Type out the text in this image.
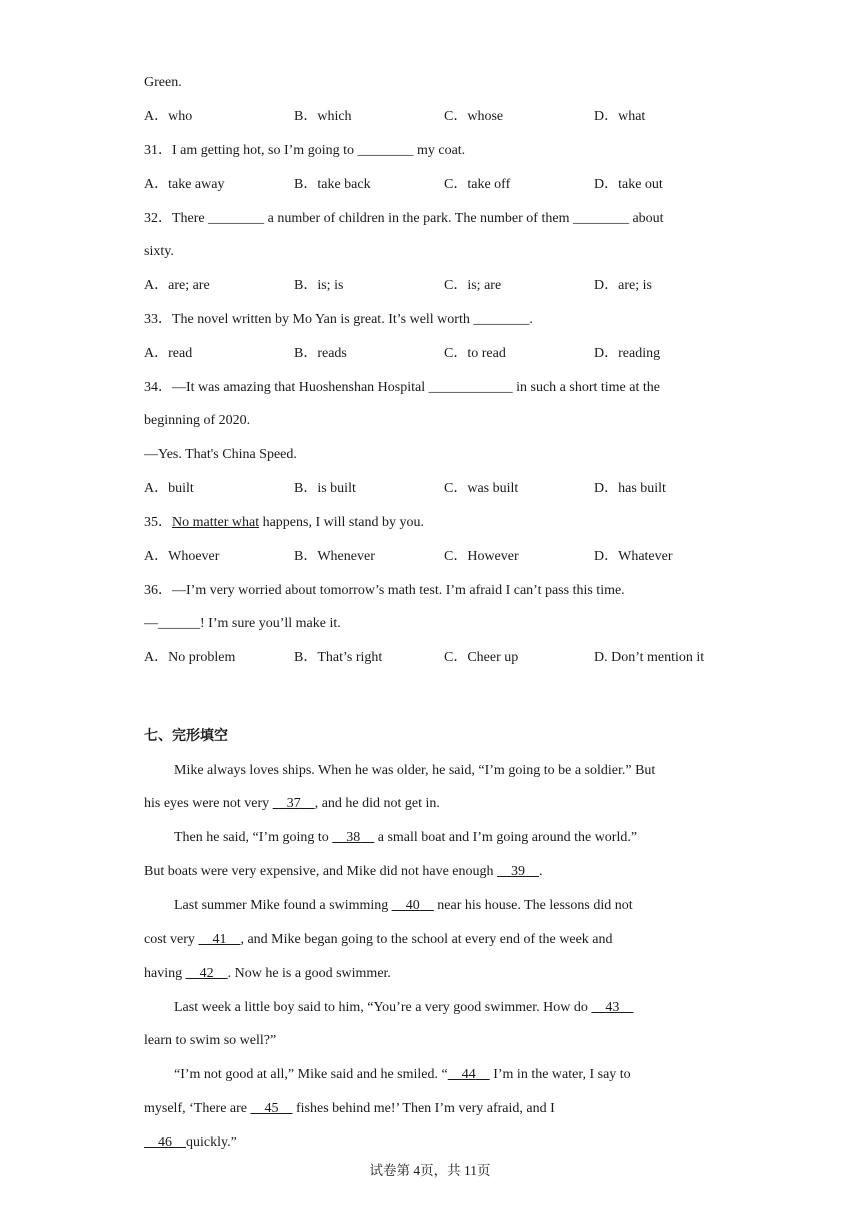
Green.
A．who	B．which	C．whose	D．what
31．I am getting hot, so I’m going to ________ my coat.
A．take away	B．take back	C．take off	D．take out
32．There ________ a number of children in the park. The number of them ________ about
sixty.
A．are; are	B．is; is	C．is; are	D．are; is
33．The novel written by Mo Yan is great. It’s well worth ________.
A．read	B．reads	C．to read	D．reading
34．—It was amazing that Huoshenshan Hospital ____________ in such a short time at the
beginning of 2020.
—Yes. That's China Speed.
A．built	B．is built	C．was built	D．has built
35．No matter what happens, I will stand by you.
A．Whoever	B．Whenever	C．However	D．Whatever
36．—I’m very worried about tomorrow’s math test. I’m afraid I can’t pass this time.
—______! I’m sure you’ll make it.
A．No problem	B．That’s right	C．Cheer up	D. Don’t mention it
七、完形填空
Mike always loves ships. When he was older, he said, “I’m going to be a soldier.” But
his eyes were not very     37 , and he did not get in.
Then he said, “I’m going to     38     a small boat and I’m going around the world.”
But boats were very expensive, and Mike did not have enough     39 .
Last summer Mike found a swimming     40     near his house. The lessons did not
cost very     41 , and Mike began going to the school at every end of the week and
having     42 . Now he is a good swimmer.
Last week a little boy said to him, “You’re a very good swimmer. How do     43
learn to swim so well?”
“I’m not good at all,” Mike said and he smiled. “ 44     I’m in the water, I say to
myself, ‘There are     45     fishes behind me!’ Then I’m very afraid, and I
46 quickly.”
试卷第 4页，共 11页
